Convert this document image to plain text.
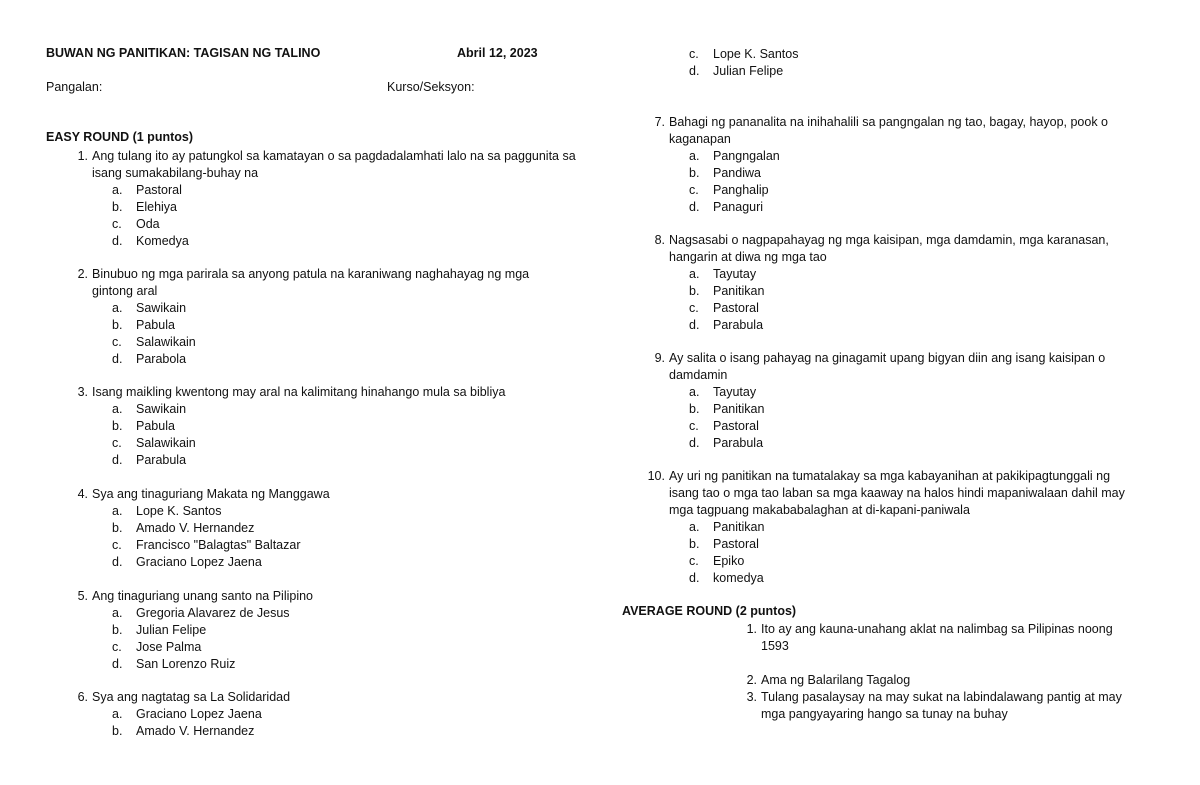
BUWAN NG PANITIKAN: TAGISAN NG TALINO	Abril 12, 2023
Pangalan:	Kurso/Seksyon:
EASY ROUND (1 puntos)
1. Ang tulang ito ay patungkol sa kamatayan o sa pagdadalamhati lalo na sa paggunita sa isang sumakabilang-buhay na
a. Pastoral
b. Elehiya
c. Oda
d. Komedya
2. Binubuo ng mga parirala sa anyong patula na karaniwang naghahayag ng mga gintong aral
a. Sawikain
b. Pabula
c. Salawikain
d. Parabola
3. Isang maikling kwentong may aral na kalimitang hinahango mula sa bibliya
a. Sawikain
b. Pabula
c. Salawikain
d. Parabula
4. Sya ang tinaguriang Makata ng Manggawa
a. Lope K. Santos
b. Amado V. Hernandez
c. Francisco "Balagtas" Baltazar
d. Graciano Lopez Jaena
5. Ang tinaguriang unang santo na Pilipino
a. Gregoria Alavarez de Jesus
b. Julian Felipe
c. Jose Palma
d. San Lorenzo Ruiz
6. Sya ang nagtatag sa La Solidaridad
a. Graciano Lopez Jaena
b. Amado V. Hernandez
c. Lope K. Santos
d. Julian Felipe
7. Bahagi ng pananalita na inihahalili sa pangngalan ng tao, bagay, hayop, pook o kaganapan
a. Pangngalan
b. Pandiwa
c. Panghalip
d. Panaguri
8. Nagsasabi o nagpapahayag ng mga kaisipan, mga damdamin, mga karanasan, hangarin at diwa ng mga tao
a. Tayutay
b. Panitikan
c. Pastoral
d. Parabula
9. Ay salita o isang pahayag na ginagamit upang bigyan diin ang isang kaisipan o damdamin
a. Tayutay
b. Panitikan
c. Pastoral
d. Parabula
10. Ay uri ng panitikan na tumatalakay sa mga kabayanihan at pakikipagtunggali ng isang tao o mga tao laban sa mga kaaway na halos hindi mapaniwalaan dahil may mga tagpuang makababalaghan at di-kapani-paniwala
a. Panitikan
b. Pastoral
c. Epiko
d. komedya
AVERAGE ROUND (2 puntos)
1. Ito ay ang kauna-unahang aklat na nalimbag sa Pilipinas noong 1593
2. Ama ng Balarilang Tagalog
3. Tulang pasalaysay na may sukat na labindalawang pantig at may mga pangyayaring hango sa tunay na buhay
